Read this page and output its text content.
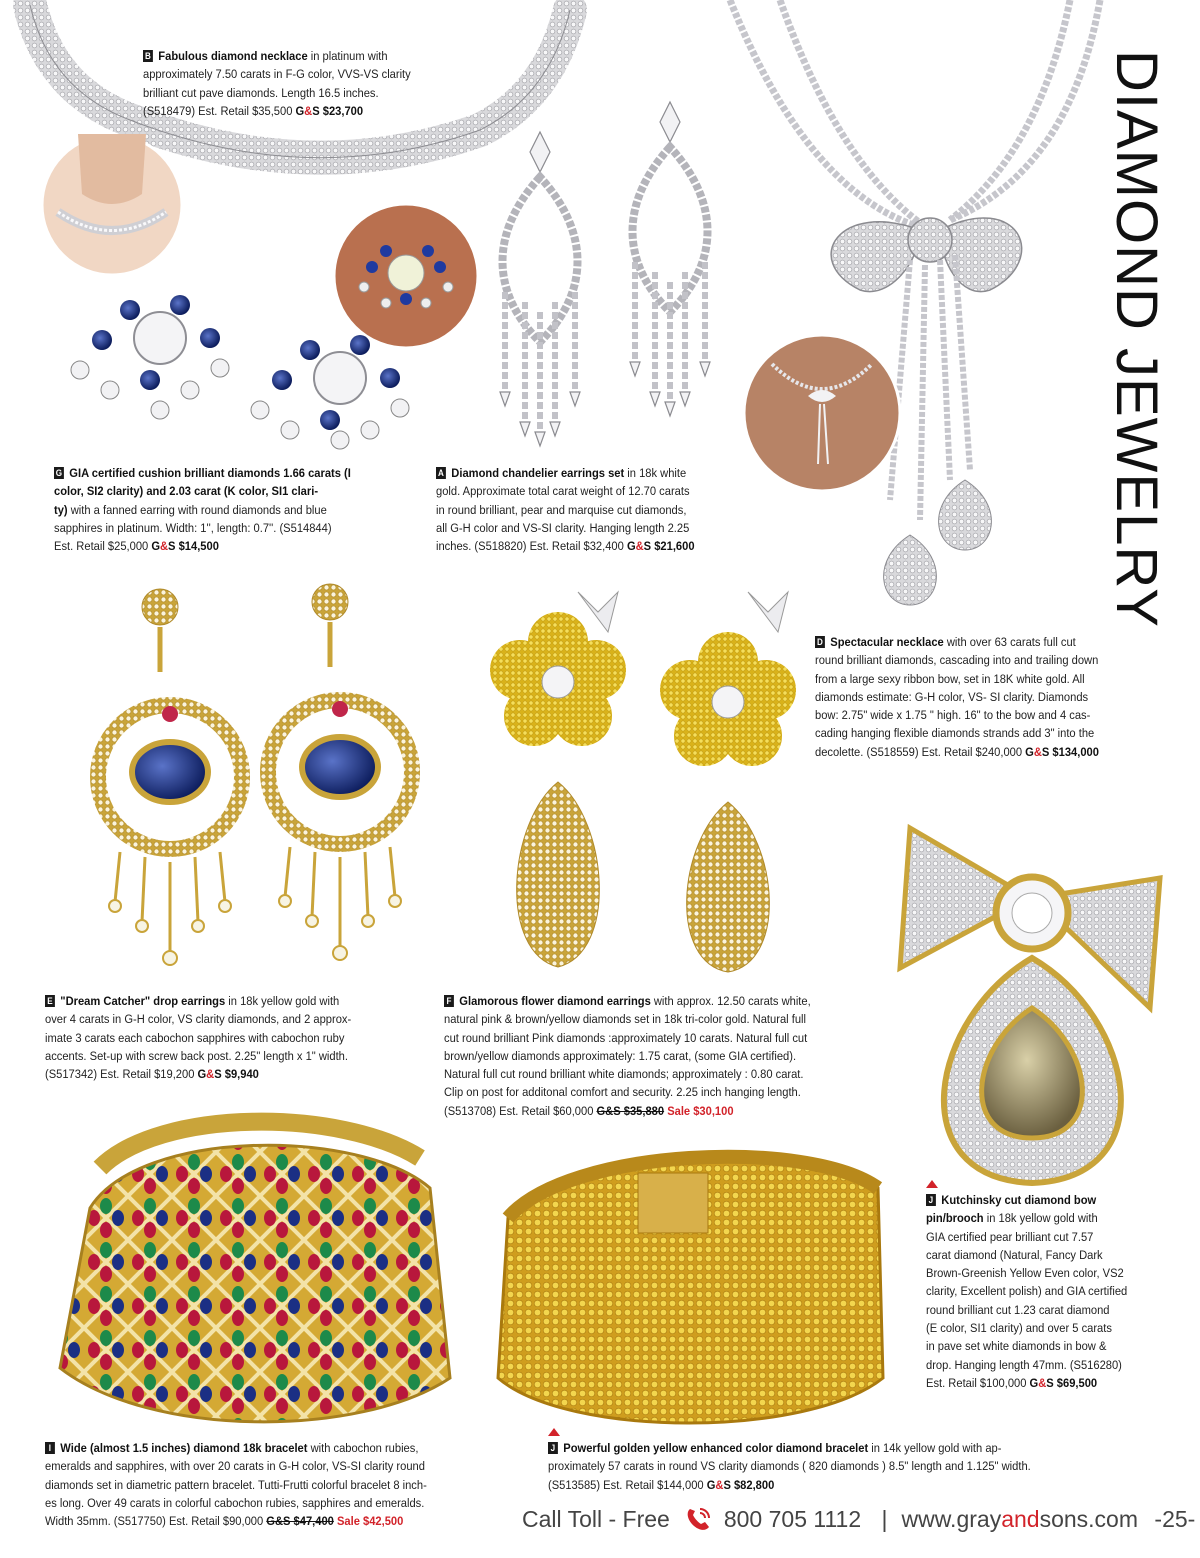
DIAMOND JEWELRY
B Fabulous diamond necklace in platinum with
approximately 7.50 carats in F-G color, VVS-VS clarity
brilliant cut pave diamonds. Length 16.5 inches.
(S518479) Est. Retail $35,500 G&S $23,700
G GIA certified cushion brilliant diamonds 1.66 carats (I
color, SI2 clarity) and 2.03 carat (K color, SI1 clari-
ty) with a fanned earring with round diamonds and blue
sapphires in platinum. Width: 1'', length: 0.7''. (S514844)
Est. Retail $25,000 G&S $14,500
A Diamond chandelier earrings set in 18k white
gold. Approximate total carat weight of 12.70 carats
in round brilliant, pear and marquise cut diamonds,
all G-H color and VS-SI clarity. Hanging length 2.25
inches. (S518820) Est. Retail $32,400 G&S $21,600
D Spectacular necklace with over 63 carats full cut
round brilliant diamonds, cascading into and trailing down
from a large sexy ribbon bow, set in 18K white gold. All
diamonds estimate: G-H color, VS- SI clarity. Diamonds
bow: 2.75" wide x 1.75 " high. 16" to the bow and 4 cas-
cading hanging flexible diamonds strands add 3" into the
decolette. (S518559) Est. Retail $240,000 G&S $134,000
E "Dream Catcher" drop earrings in 18k yellow gold with
over 4 carats in G-H color, VS clarity diamonds, and 2 approx-
imate 3 carats each cabochon sapphires with cabochon ruby
accents. Set-up with screw back post. 2.25" length x 1" width.
(S517342) Est. Retail $19,200 G&S $9,940
F Glamorous flower diamond earrings with approx. 12.50 carats white,
natural pink & brown/yellow diamonds set in 18k tri-color gold. Natural full
cut round brilliant Pink diamonds :approximately 10 carats. Natural full cut
brown/yellow diamonds approximately: 1.75 carat, (some GIA certified).
Natural full cut round brilliant white diamonds; approximately : 0.80 carat.
Clip on post for additonal comfort and security. 2.25 inch hanging length.
(S513708) Est. Retail $60,000 G&S $35,880 Sale $30,100
J Kutchinsky cut diamond bow
pin/brooch in 18k yellow gold with
GIA certified pear brilliant cut 7.57
carat diamond (Natural, Fancy Dark
Brown-Greenish Yellow Even color, VS2
clarity, Excellent polish) and GIA certified
round brilliant cut 1.23 carat diamond
(E color, SI1 clarity) and over 5 carats
in pave set white diamonds in bow &
drop. Hanging length 47mm. (S516280)
Est. Retail $100,000 G&S $69,500
I Wide (almost 1.5 inches) diamond 18k bracelet with cabochon rubies,
emeralds and sapphires, with over 20 carats in G-H color, VS-SI clarity round
diamonds set in diametric pattern bracelet. Tutti-Frutti colorful bracelet 8 inch-
es long. Over 49 carats in colorful cabochon rubies, sapphires and emeralds.
Width 35mm. (S517750) Est. Retail $90,000 G&S $47,400 Sale $42,500
J Powerful golden yellow enhanced color diamond bracelet in 14k yellow gold with ap-
proximately 57 carats in round VS clarity diamonds ( 820 diamonds ) 8.5" length and 1.125" width.
(S513585) Est. Retail $144,000 G&S $82,800
Call Toll - Free 800 705 1112 | www.grayandsons.com -25-
